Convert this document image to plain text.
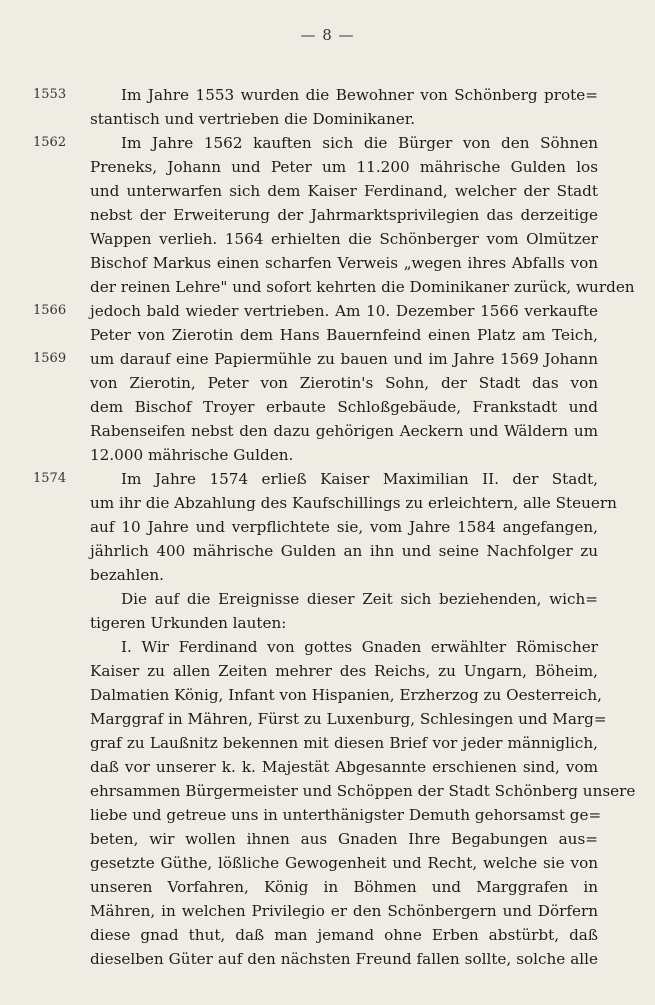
— 8 —
1553
1562
1566
1569
1574
Im Jahre 1553 wurden die Bewohner von Schönberg prote=
stantisch und vertrieben die Dominikaner.
Im Jahre 1562 kauften sich die Bürger von den Söhnen
Preneks, Johann und Peter um 11.200 mährische Gulden los
und unterwarfen sich dem Kaiser Ferdinand, welcher der Stadt
nebst der Erweiterung der Jahrmarktsprivilegien das derzeitige
Wappen verlieh. 1564 erhielten die Schönberger vom Olmützer
Bischof Markus einen scharfen Verweis „wegen ihres Abfalls von
der reinen Lehre" und sofort kehrten die Dominikaner zurück, wurden
jedoch bald wieder vertrieben. Am 10. Dezember 1566 verkaufte
Peter von Zierotin dem Hans Bauernfeind einen Platz am Teich,
um darauf eine Papiermühle zu bauen und im Jahre 1569 Johann
von Zierotin, Peter von Zierotin's Sohn, der Stadt das von
dem Bischof Troyer erbaute Schloßgebäude, Frankstadt und
Rabenseifen nebst den dazu gehörigen Aeckern und Wäldern um
12.000 mährische Gulden.
Im Jahre 1574 erließ Kaiser Maximilian II. der Stadt,
um ihr die Abzahlung des Kaufschillings zu erleichtern, alle Steuern
auf 10 Jahre und verpflichtete sie, vom Jahre 1584 angefangen,
jährlich 400 mährische Gulden an ihn und seine Nachfolger zu
bezahlen.
Die auf die Ereignisse dieser Zeit sich beziehenden, wich=
tigeren Urkunden lauten:
I. Wir Ferdinand von gottes Gnaden erwählter Römischer
Kaiser zu allen Zeiten mehrer des Reichs, zu Ungarn, Böheim,
Dalmatien König, Infant von Hispanien, Erzherzog zu Oesterreich,
Marggraf in Mähren, Fürst zu Luxenburg, Schlesingen und Marg=
graf zu Laußnitz bekennen mit diesen Brief vor jeder männiglich,
daß vor unserer k. k. Majestät Abgesannte erschienen sind, vom
ehrsammen Bürgermeister und Schöppen der Stadt Schönberg unsere
liebe und getreue uns in unterthänigster Demuth gehorsamst ge=
beten, wir wollen ihnen aus Gnaden Ihre Begabungen aus=
gesetzte Güthe, lößliche Gewogenheit und Recht, welche sie von
unseren Vorfahren, König in Böhmen und Marggrafen in
Mähren, in welchen Privilegio er den Schönbergern und Dörfern
diese gnad thut, daß man jemand ohne Erben abstürbt, daß
dieselben Güter auf den nächsten Freund fallen sollte, solche alle
